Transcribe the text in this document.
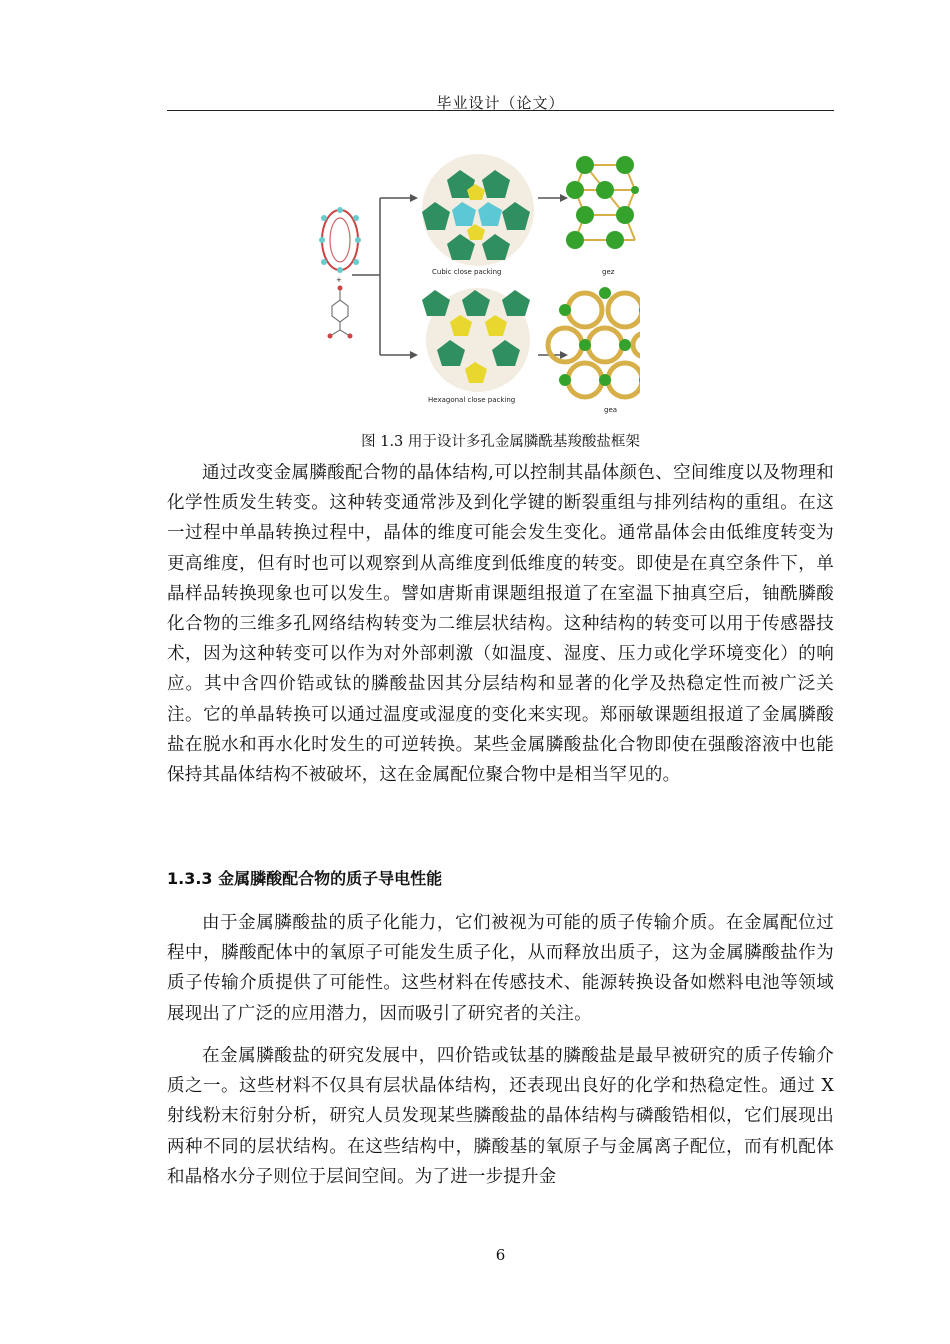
毕业设计（论文）
+
Cubic close packing	gez
Hexagonal close packing
gea
图 1.3 用于设计多孔金属膦酰基羧酸盐框架

通过改变金属膦酸配合物的晶体结构,可以控制其晶体颜色、空间维度以及物理和化学性质发生转变。这种转变通常涉及到化学键的断裂重组与排列结构的重组。在这一过程中单晶转换过程中，晶体的维度可能会发生变化。通常晶体会由低维度转变为更高维度，但有时也可以观察到从高维度到低维度的转变。即使是在真空条件下，单晶样品转换现象也可以发生。譬如唐斯甫课题组报道了在室温下抽真空后，铀酰膦酸化合物的三维多孔网络结构转变为二维层状结构。这种结构的转变可以用于传感器技术，因为这种转变可以作为对外部刺激（如温度、湿度、压力或化学环境变化）的响应。其中含四价锆或钛的膦酸盐因其分层结构和显著的化学及热稳定性而被广泛关注。它的单晶转换可以通过温度或湿度的变化来实现。郑丽敏课题组报道了金属膦酸盐在脱水和再水化时发生的可逆转换。某些金属膦酸盐化合物即使在强酸溶液中也能保持其晶体结构不被破坏，这在金属配位聚合物中是相当罕见的。

1.3.3 金属膦酸配合物的质子导电性能

由于金属膦酸盐的质子化能力，它们被视为可能的质子传输介质。在金属配位过程中，膦酸配体中的氧原子可能发生质子化，从而释放出质子，这为金属膦酸盐作为质子传输介质提供了可能性。这些材料在传感技术、能源转换设备如燃料电池等领域展现出了广泛的应用潜力，因而吸引了研究者的关注。

在金属膦酸盐的研究发展中，四价锆或钛基的膦酸盐是最早被研究的质子传输介质之一。这些材料不仅具有层状晶体结构，还表现出良好的化学和热稳定性。通过 X 射线粉末衍射分析，研究人员发现某些膦酸盐的晶体结构与磷酸锆相似，它们展现出两种不同的层状结构。在这些结构中，膦酸基的氧原子与金属离子配位，而有机配体和晶格水分子则位于层间空间。为了进一步提升金

6
